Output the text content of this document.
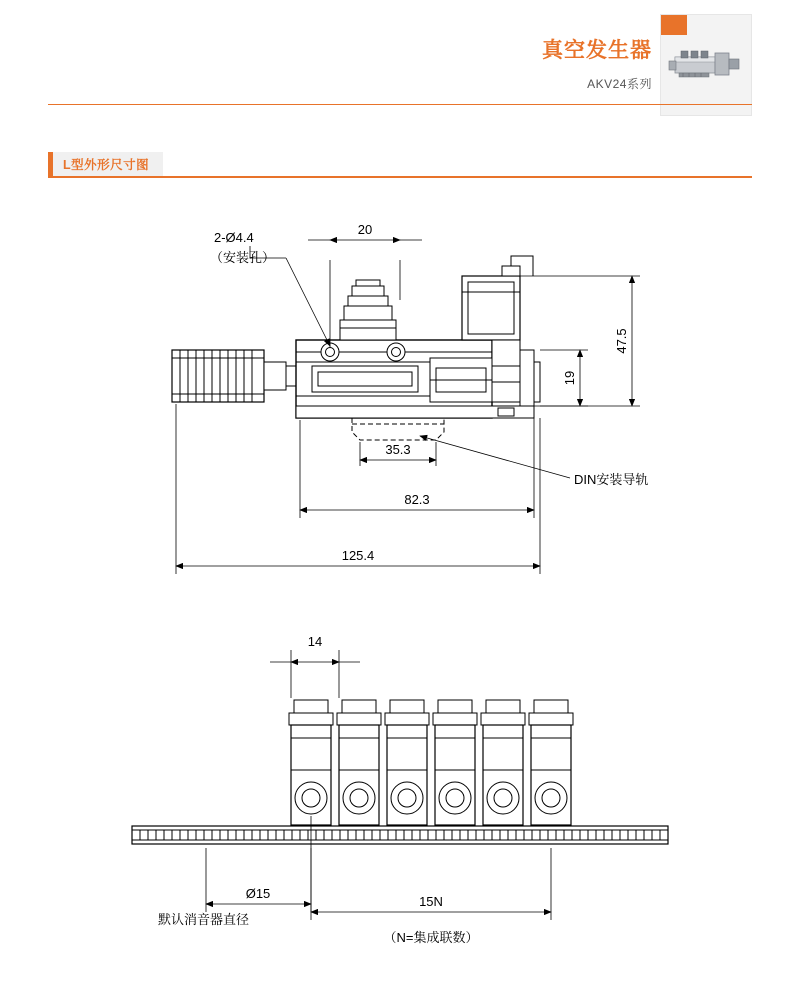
真空发生器
AKV24系列
L型外形尺寸图
20
47.5
19
35.3
82.3
125.4
2-Ø4.4
（安装孔）
DIN安装导轨
14
Ø15
默认消音器直径
15N
（N=集成联数）
